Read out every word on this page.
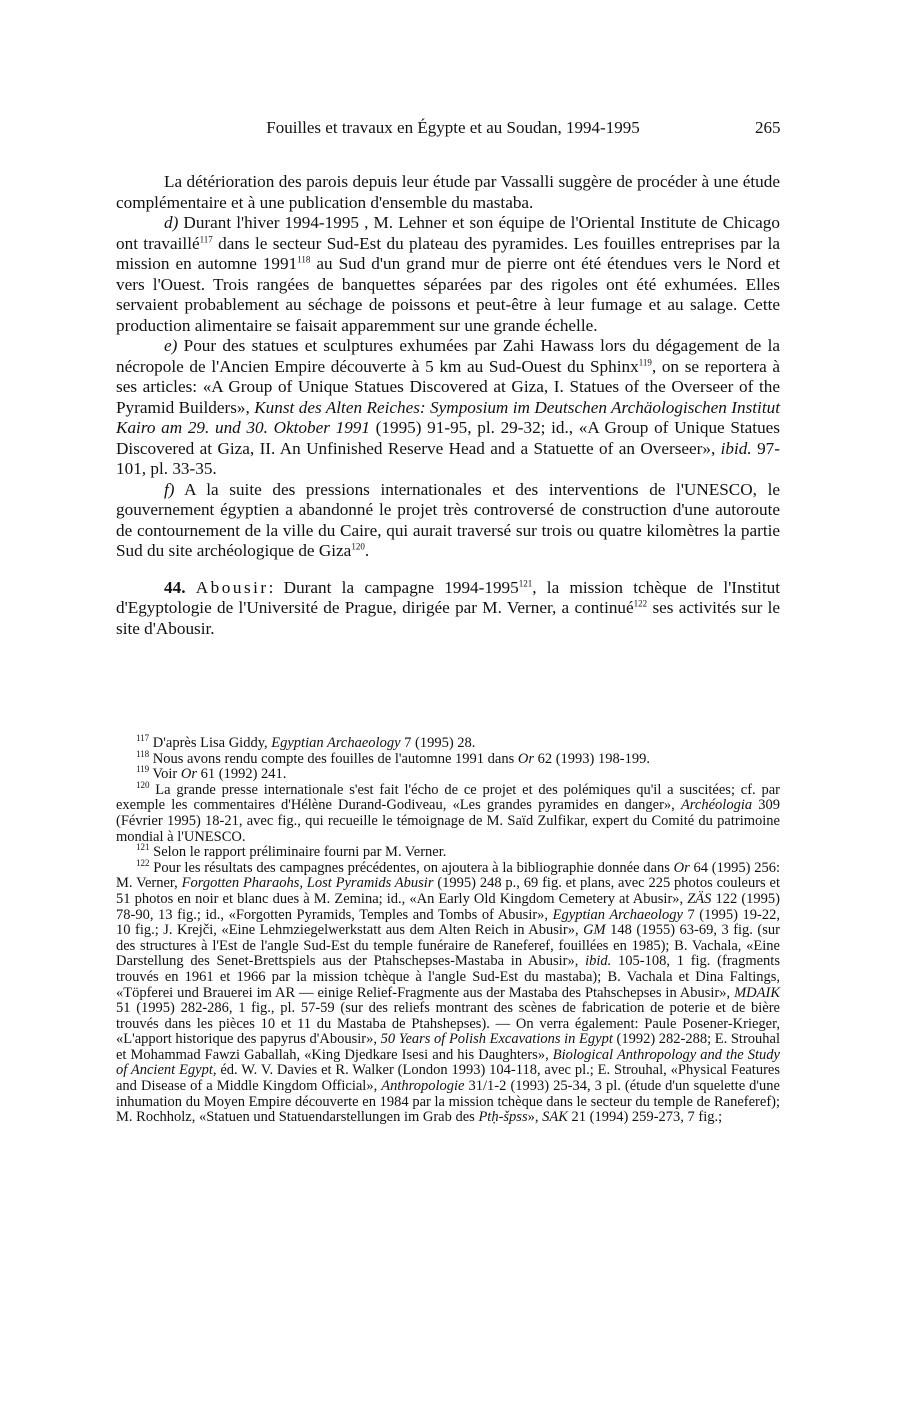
Fouilles et travaux en Égypte et au Soudan, 1994-1995	265

La détérioration des parois depuis leur étude par Vassalli suggère de procéder à une étude complémentaire et à une publication d'ensemble du mastaba.

d) Durant l'hiver 1994-1995 , M. Lehner et son équipe de l'Oriental Institute de Chicago ont travaillé$^{117}$ dans le secteur Sud-Est du plateau des pyramides. Les fouilles entreprises par la mission en automne 1991$^{118}$ au Sud d'un grand mur de pierre ont été étendues vers le Nord et vers l'Ouest. Trois rangées de banquettes séparées par des rigoles ont été exhumées. Elles servaient probablement au séchage de poissons et peut-être à leur fumage et au salage. Cette production alimentaire se faisait apparemment sur une grande échelle.

e) Pour des statues et sculptures exhumées par Zahi Hawass lors du dégagement de la nécropole de l'Ancien Empire découverte à 5 km au Sud-Ouest du Sphinx$^{119}$, on se reportera à ses articles: «A Group of Unique Statues Discovered at Giza, I. Statues of the Overseer of the Pyramid Builders», Kunst des Alten Reiches: Symposium im Deutschen Archäologischen Institut Kairo am 29. und 30. Oktober 1991 (1995) 91-95, pl. 29-32; id., «A Group of Unique Statues Discovered at Giza, II. An Unfinished Reserve Head and a Statuette of an Overseer», ibid. 97-101, pl. 33-35.

f) A la suite des pressions internationales et des interventions de l'UNESCO, le gouvernement égyptien a abandonné le projet très controversé de construction d'une autoroute de contournement de la ville du Caire, qui aurait traversé sur trois ou quatre kilomètres la partie Sud du site archéologique de Giza$^{120}$.

44. Abousir: Durant la campagne 1994-1995$^{121}$, la mission tchèque de l'Institut d'Egyptologie de l'Université de Prague, dirigée par M. Verner, a continué$^{122}$ ses activités sur le site d'Abousir.

$^{117}$ D'après Lisa Giddy, Egyptian Archaeology 7 (1995) 28.

$^{118}$ Nous avons rendu compte des fouilles de l'automne 1991 dans Or 62 (1993) 198-199.

$^{119}$ Voir Or 61 (1992) 241.

$^{120}$ La grande presse internationale s'est fait l'écho de ce projet et des polémiques qu'il a suscitées; cf. par exemple les commentaires d'Hélène Durand-Godiveau, «Les grandes pyramides en danger», Archéologia 309 (Février 1995) 18-21, avec fig., qui recueille le témoignage de M. Saïd Zulfikar, expert du Comité du patrimoine mondial à l'UNESCO.

$^{121}$ Selon le rapport préliminaire fourni par M. Verner.

$^{122}$ Pour les résultats des campagnes précédentes, on ajoutera à la bibliographie donnée dans Or 64 (1995) 256: M. Verner, Forgotten Pharaohs, Lost Pyramids Abusir (1995) 248 p., 69 fig. et plans, avec 225 photos couleurs et 51 photos en noir et blanc dues à M. Zemina; id., «An Early Old Kingdom Cemetery at Abusir», ZÄS 122 (1995) 78-90, 13 fig.; id., «Forgotten Pyramids, Temples and Tombs of Abusir», Egyptian Archaeology 7 (1995) 19-22, 10 fig.; J. Krejči, «Eine Lehmziegelwerkstatt aus dem Alten Reich in Abusir», GM 148 (1955) 63-69, 3 fig. (sur des structures à l'Est de l'angle Sud-Est du temple funéraire de Raneferef, fouillées en 1985); B. Vachala, «Eine Darstellung des Senet-Brettspiels aus der Ptahschepses-Mastaba in Abusir», ibid. 105-108, 1 fig. (fragments trouvés en 1961 et 1966 par la mission tchèque à l'angle Sud-Est du mastaba); B. Vachala et Dina Faltings, «Töpferei und Brauerei im AR — einige Relief-Fragmente aus der Mastaba des Ptahschepses in Abusir», MDAIK 51 (1995) 282-286, 1 fig., pl. 57-59 (sur des reliefs montrant des scènes de fabrication de poterie et de bière trouvés dans les pièces 10 et 11 du Mastaba de Ptahshepses). — On verra également: Paule Posener-Krieger, «L'apport historique des papyrus d'Abousir», 50 Years of Polish Excavations in Egypt (1992) 282-288; E. Strouhal et Mohammad Fawzi Gaballah, «King Djedkare Isesi and his Daughters», Biological Anthropology and the Study of Ancient Egypt, éd. W. V. Davies et R. Walker (London 1993) 104-118, avec pl.; E. Strouhal, «Physical Features and Disease of a Middle Kingdom Official», Anthropologie 31/1-2 (1993) 25-34, 3 pl. (étude d'un squelette d'une inhumation du Moyen Empire découverte en 1984 par la mission tchèque dans le secteur du temple de Raneferef); M. Rochholz, «Statuen und Statuendarstellungen im Grab des Ptḥ-špss», SAK 21 (1994) 259-273, 7 fig.;
